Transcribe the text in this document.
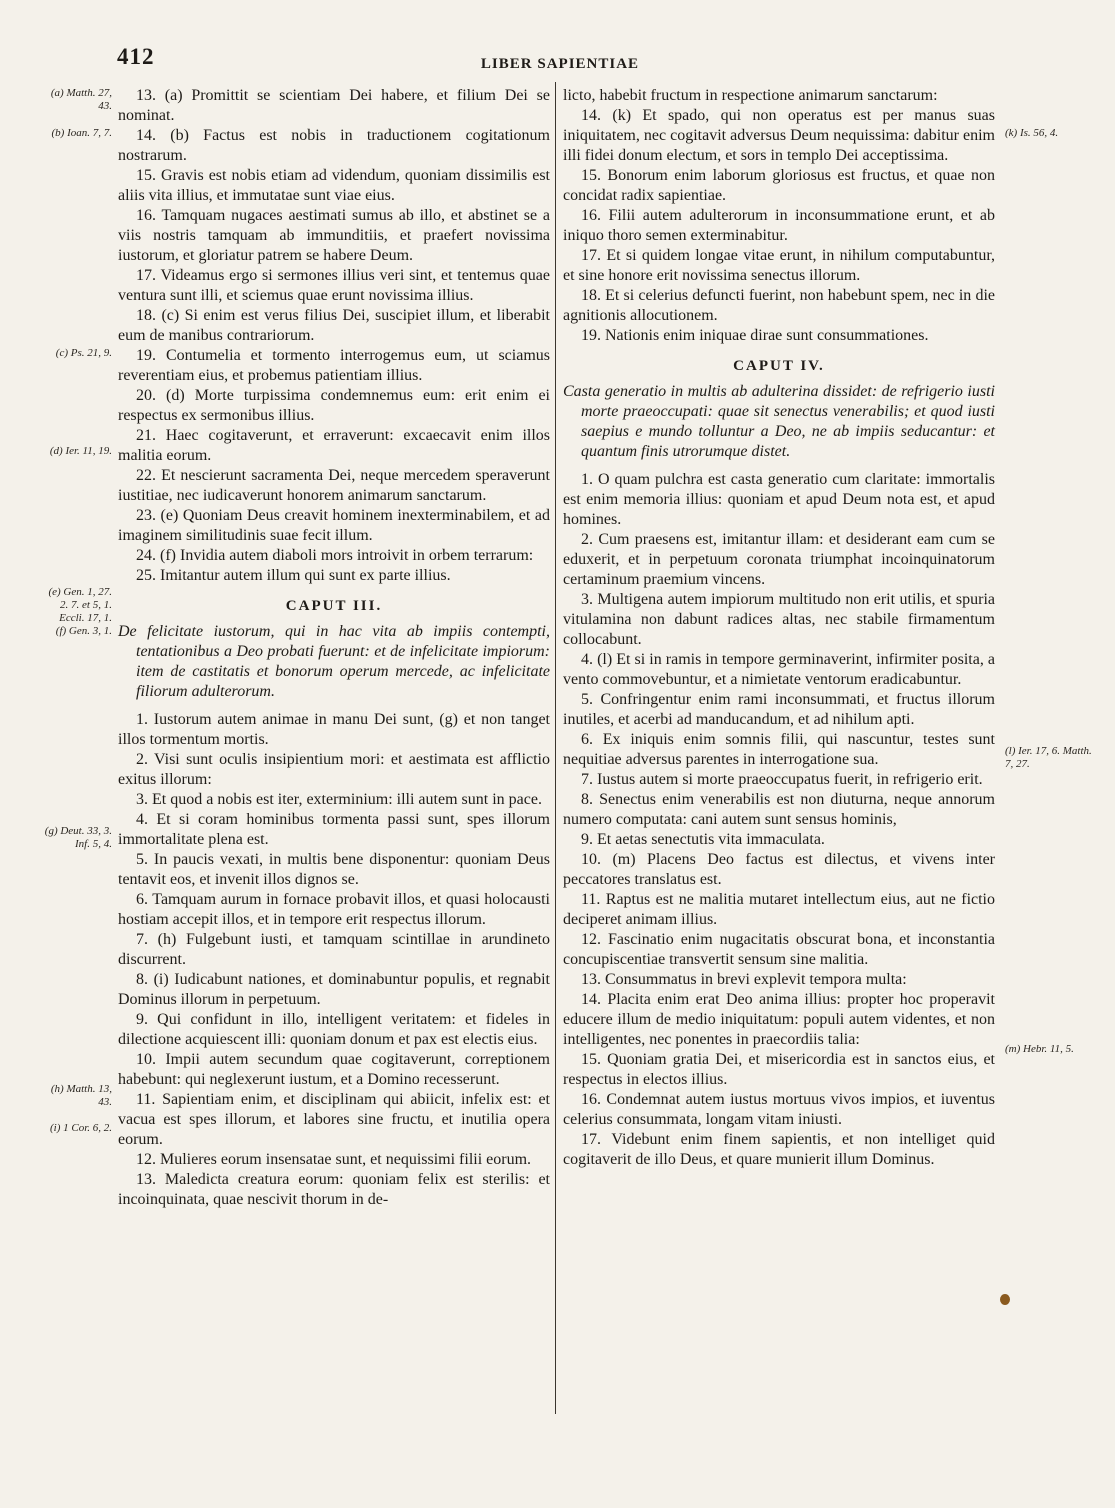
412	LIBER SAPIENTIAE
(a) Matth. 27, 43.
(b) Ioan. 7, 7.
(c) Ps. 21, 9.
(d) Ier. 11, 19.
(e) Gen. 1, 27. 2. 7. et 5, 1. Eccli. 17, 1.
(f) Gen. 3, 1.
(g) Deut. 33, 3. Inf. 5, 4.
(h) Matth. 13, 43.
(i) 1 Cor. 6, 2.
(k) Is. 56, 4.
(l) Ier. 17, 6. Matth. 7, 27.
(m) Hebr. 11, 5.

13. (a) Promittit se scientiam Dei habere, et filium Dei se nominat.

14. (b) Factus est nobis in traductionem cogitationum nostrarum.

15. Gravis est nobis etiam ad videndum, quoniam dissimilis est aliis vita illius, et immutatae sunt viae eius.

16. Tamquam nugaces aestimati sumus ab illo, et abstinet se a viis nostris tamquam ab immunditiis, et praefert novissima iustorum, et gloriatur patrem se habere Deum.

17. Videamus ergo si sermones illius veri sint, et tentemus quae ventura sunt illi, et sciemus quae erunt novissima illius.

18. (c) Si enim est verus filius Dei, suscipiet illum, et liberabit eum de manibus contrariorum.

19. Contumelia et tormento interrogemus eum, ut sciamus reverentiam eius, et probemus patientiam illius.

20. (d) Morte turpissima condemnemus eum: erit enim ei respectus ex sermonibus illius.

21. Haec cogitaverunt, et erraverunt: excaecavit enim illos malitia eorum.

22. Et nescierunt sacramenta Dei, neque mercedem speraverunt iustitiae, nec iudicaverunt honorem animarum sanctarum.

23. (e) Quoniam Deus creavit hominem inexterminabilem, et ad imaginem similitudinis suae fecit illum.

24. (f) Invidia autem diaboli mors introivit in orbem terrarum:

25. Imitantur autem illum qui sunt ex parte illius.

CAPUT III.

De felicitate iustorum, qui in hac vita ab impiis contempti, tentationibus a Deo probati fuerunt: et de infelicitate impiorum: item de castitatis et bonorum operum mercede, ac infelicitate filiorum adulterorum.

1. Iustorum autem animae in manu Dei sunt, (g) et non tanget illos tormentum mortis.

2. Visi sunt oculis insipientium mori: et aestimata est afflictio exitus illorum:

3. Et quod a nobis est iter, exterminium: illi autem sunt in pace.

4. Et si coram hominibus tormenta passi sunt, spes illorum immortalitate plena est.

5. In paucis vexati, in multis bene disponentur: quoniam Deus tentavit eos, et invenit illos dignos se.

6. Tamquam aurum in fornace probavit illos, et quasi holocausti hostiam accepit illos, et in tempore erit respectus illorum.

7. (h) Fulgebunt iusti, et tamquam scintillae in arundineto discurrent.

8. (i) Iudicabunt nationes, et dominabuntur populis, et regnabit Dominus illorum in perpetuum.

9. Qui confidunt in illo, intelligent veritatem: et fideles in dilectione acquiescent illi: quoniam donum et pax est electis eius.

10. Impii autem secundum quae cogitaverunt, correptionem habebunt: qui neglexerunt iustum, et a Domino recesserunt.

11. Sapientiam enim, et disciplinam qui abiicit, infelix est: et vacua est spes illorum, et labores sine fructu, et inutilia opera eorum.

12. Mulieres eorum insensatae sunt, et nequissimi filii eorum.

13. Maledicta creatura eorum: quoniam felix est sterilis: et incoinquinata, quae nescivit thorum in de-

licto, habebit fructum in respectione animarum sanctarum:

14. (k) Et spado, qui non operatus est per manus suas iniquitatem, nec cogitavit adversus Deum nequissima: dabitur enim illi fidei donum electum, et sors in templo Dei acceptissima.

15. Bonorum enim laborum gloriosus est fructus, et quae non concidat radix sapientiae.

16. Filii autem adulterorum in inconsummatione erunt, et ab iniquo thoro semen exterminabitur.

17. Et si quidem longae vitae erunt, in nihilum computabuntur, et sine honore erit novissima senectus illorum.

18. Et si celerius defuncti fuerint, non habebunt spem, nec in die agnitionis allocutionem.

19. Nationis enim iniquae dirae sunt consummationes.

CAPUT IV.

Casta generatio in multis ab adulterina dissidet: de refrigerio iusti morte praeoccupati: quae sit senectus venerabilis; et quod iusti saepius e mundo tolluntur a Deo, ne ab impiis seducantur: et quantum finis utrorumque distet.

1. O quam pulchra est casta generatio cum claritate: immortalis est enim memoria illius: quoniam et apud Deum nota est, et apud homines.

2. Cum praesens est, imitantur illam: et desiderant eam cum se eduxerit, et in perpetuum coronata triumphat incoinquinatorum certaminum praemium vincens.

3. Multigena autem impiorum multitudo non erit utilis, et spuria vitulamina non dabunt radices altas, nec stabile firmamentum collocabunt.

4. (l) Et si in ramis in tempore germinaverint, infirmiter posita, a vento commovebuntur, et a nimietate ventorum eradicabuntur.

5. Confringentur enim rami inconsummati, et fructus illorum inutiles, et acerbi ad manducandum, et ad nihilum apti.

6. Ex iniquis enim somnis filii, qui nascuntur, testes sunt nequitiae adversus parentes in interrogatione sua.

7. Iustus autem si morte praeoccupatus fuerit, in refrigerio erit.

8. Senectus enim venerabilis est non diuturna, neque annorum numero computata: cani autem sunt sensus hominis,

9. Et aetas senectutis vita immaculata.

10. (m) Placens Deo factus est dilectus, et vivens inter peccatores translatus est.

11. Raptus est ne malitia mutaret intellectum eius, aut ne fictio deciperet animam illius.

12. Fascinatio enim nugacitatis obscurat bona, et inconstantia concupiscentiae transvertit sensum sine malitia.

13. Consummatus in brevi explevit tempora multa:

14. Placita enim erat Deo anima illius: propter hoc properavit educere illum de medio iniquitatum: populi autem videntes, et non intelligentes, nec ponentes in praecordiis talia:

15. Quoniam gratia Dei, et misericordia est in sanctos eius, et respectus in electos illius.

16. Condemnat autem iustus mortuus vivos impios, et iuventus celerius consummata, longam vitam iniusti.

17. Videbunt enim finem sapientis, et non intelliget quid cogitaverit de illo Deus, et quare munierit illum Dominus.
